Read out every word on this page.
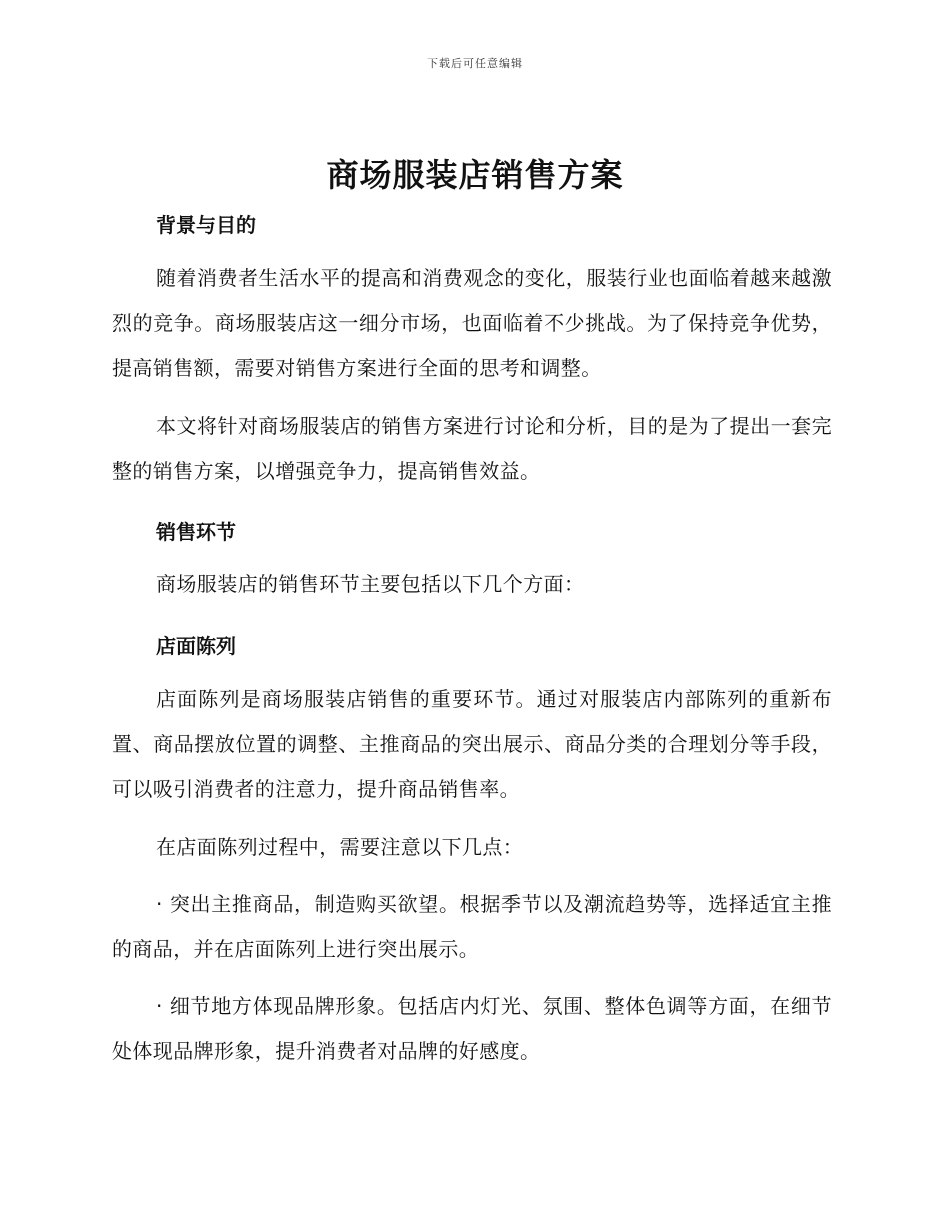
下载后可任意编辑
商场服装店销售方案
背景与目的

随着消费者生活水平的提高和消费观念的变化，服装行业也面临着越来越激烈的竞争。商场服装店这一细分市场，也面临着不少挑战。为了保持竞争优势，提高销售额，需要对销售方案进行全面的思考和调整。

本文将针对商场服装店的销售方案进行讨论和分析，目的是为了提出一套完整的销售方案，以增强竞争力，提高销售效益。

销售环节

商场服装店的销售环节主要包括以下几个方面：

店面陈列

店面陈列是商场服装店销售的重要环节。通过对服装店内部陈列的重新布置、商品摆放位置的调整、主推商品的突出展示、商品分类的合理划分等手段，可以吸引消费者的注意力，提升商品销售率。

在店面陈列过程中，需要注意以下几点：

· 突出主推商品，制造购买欲望。根据季节以及潮流趋势等，选择适宜主推的商品，并在店面陈列上进行突出展示。

· 细节地方体现品牌形象。包括店内灯光、氛围、整体色调等方面，在细节处体现品牌形象，提升消费者对品牌的好感度。
